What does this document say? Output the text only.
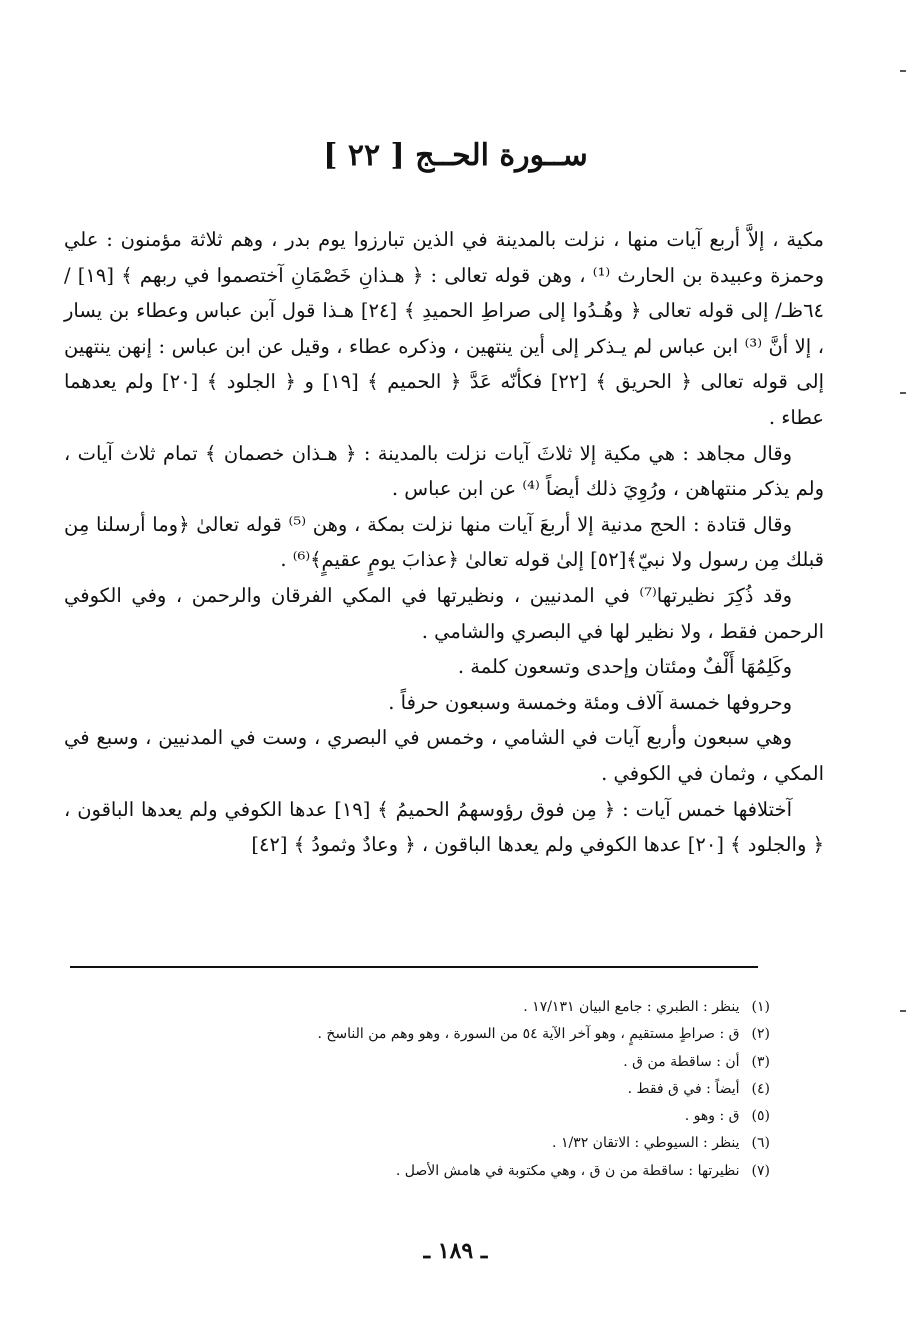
ســورة الحــج [ ٢٢ ]

مكية ، إلاَّ أربع آيات منها ، نزلت بالمدينة في الذين تبارزوا يوم بدر ، وهم ثلاثة مؤمنون : علي وحمزة وعبيدة بن الحارث ⁽¹⁾ ، وهن قوله تعالى : ﴿ هـذانِ خَصْمَانِ آختصموا في ربهم ﴾ [١٩] /٦٤ظـ/ إلى قوله تعالى ﴿ وهُـدُوا إلى صراطِ الحميدِ ﴾ [٢٤] هـذا قول آبن عباس وعطاء بن يسار ، إلا أنَّ ⁽³⁾ ابن عباس لم يـذكر إلى أين ينتهين ، وذكره عطاء ، وقيل عن ابن عباس : إنهن ينتهين إلى قوله تعالى ﴿ الحريق ﴾ [٢٢] فكأنّه عَدَّ ﴿ الحميم ﴾ [١٩] و ﴿ الجلود ﴾ [٢٠] ولم يعدهما عطاء .

وقال مجاهد : هي مكية إلا ثلاثَ آيات نزلت بالمدينة : ﴿ هـذان خصمان ﴾ تمام ثلاث آيات ، ولم يذكر منتهاهن ، ورُوِيَ ذلك أيضاً ⁽⁴⁾ عن ابن عباس .

وقال قتادة : الحج مدنية إلا أربعَ آيات منها نزلت بمكة ، وهن ⁽⁵⁾ قوله تعالىٰ ﴿وما أرسلنا مِن قبلك مِن رسول ولا نبيّ﴾[٥٢] إلىٰ قوله تعالىٰ ﴿عذابَ يومٍ عقيمٍ﴾⁽⁶⁾ .

وقد ذُكِرَ نظيرتها⁽⁷⁾ في المدنيين ، ونظيرتها في المكي الفرقان والرحمن ، وفي الكوفي الرحمن فقط ، ولا نظير لها في البصري والشامي .

وكَلِمُهَا أَلْفٌ ومئتان وإحدى وتسعون كلمة .

وحروفها خمسة آلاف ومئة وخمسة وسبعون حرفاً .

وهي سبعون وأربع آيات في الشامي ، وخمس في البصري ، وست في المدنيين ، وسبع في المكي ، وثمان في الكوفي .

آختلافها خمس آيات : ﴿ مِن فوق رؤوسهمُ الحميمُ ﴾ [١٩] عدها الكوفي ولم يعدها الباقون ، ﴿ والجلود ﴾ [٢٠] عدها الكوفي ولم يعدها الباقون ، ﴿ وعادٌ وثمودُ ﴾ [٤٢]

(١) ينظر : الطبري : جامع البيان ١٧/١٣١ .
(٢) ق : صراطٍ مستقيمٍ ، وهو آخر الآية ٥٤ من السورة ، وهو وهم من الناسخ .
(٣) أن : ساقطة من ق .
(٤) أيضاً : في ق فقط .
(٥) ق : وهو .
(٦) ينظر : السيوطي : الاتقان ١/٣٢ .
(٧) نظيرتها : ساقطة من ن ق ، وهي مكتوبة في هامش الأصل .
ـ ١٨٩ ـ
